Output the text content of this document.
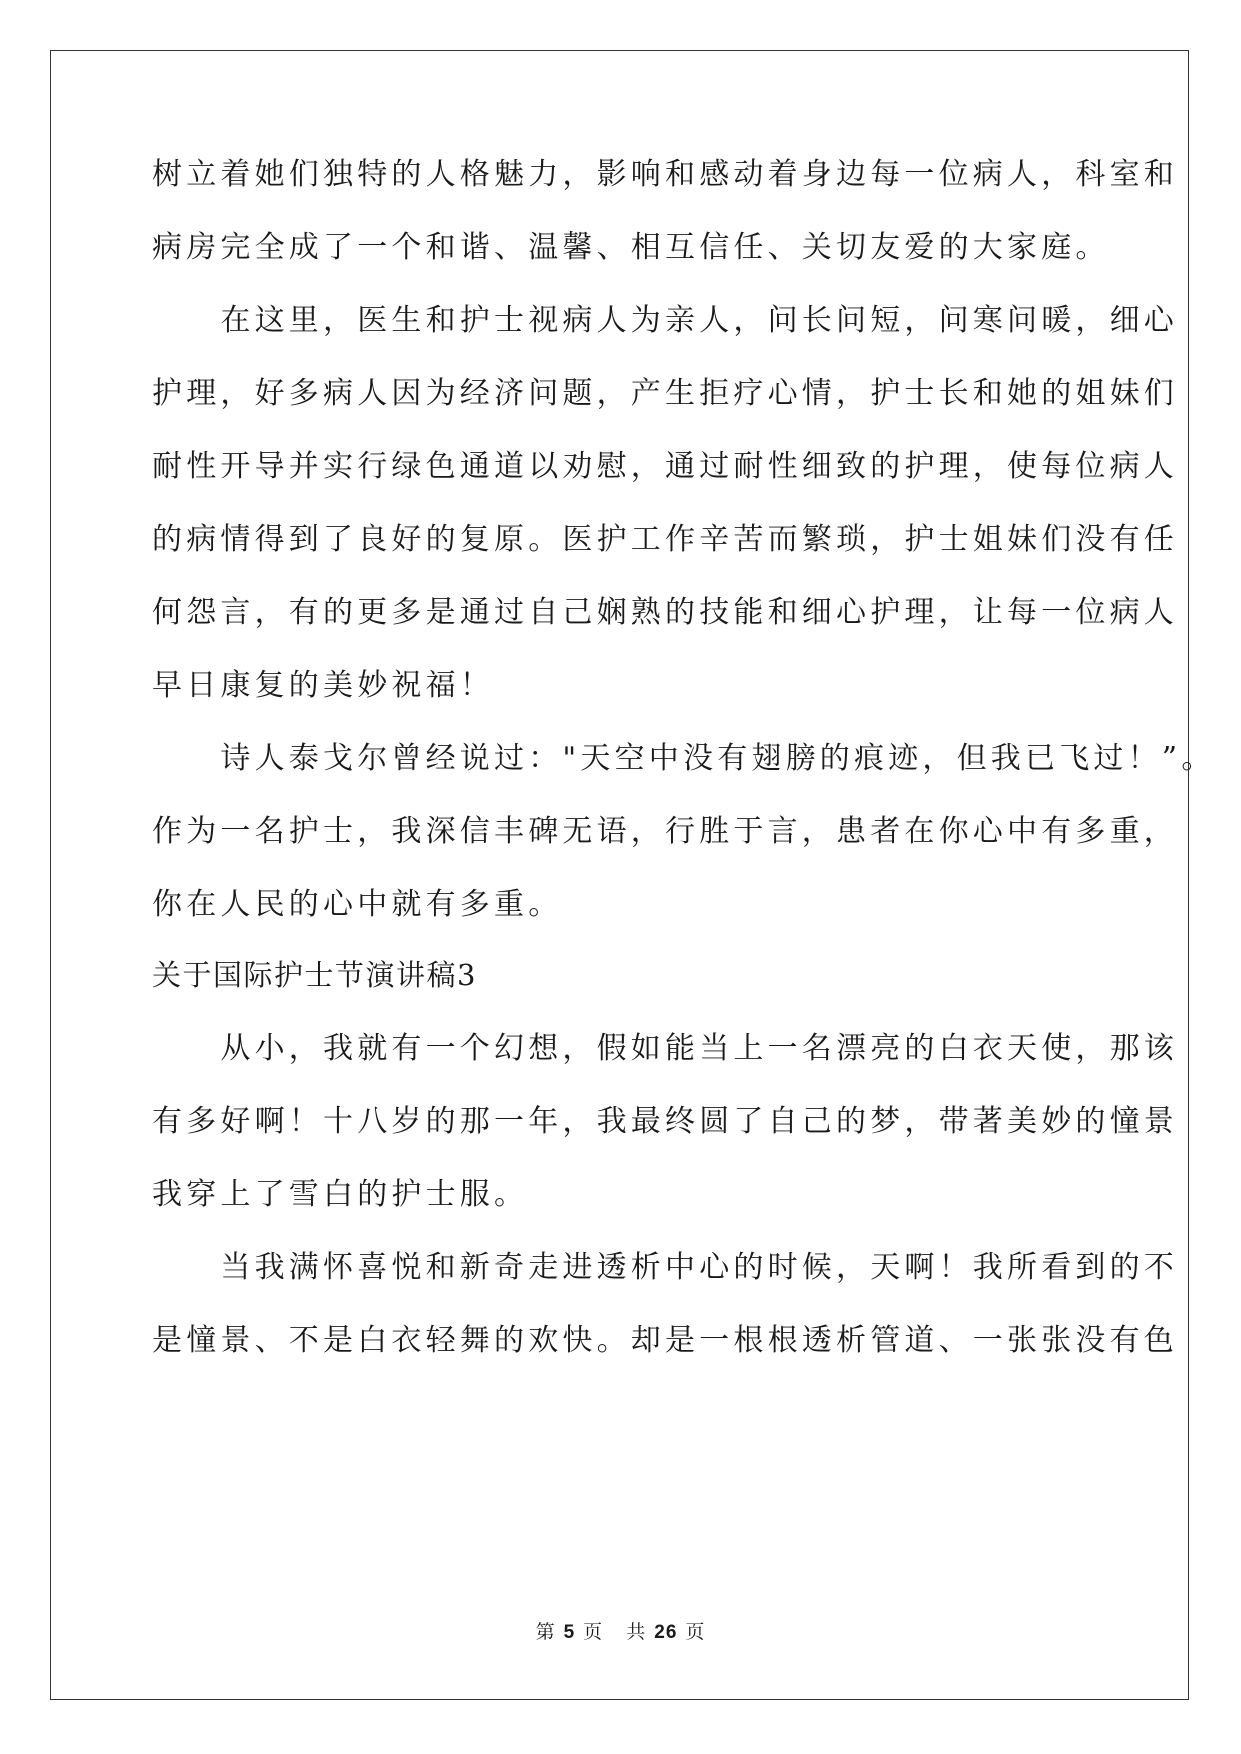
树立着她们独特的人格魅力，影响和感动着身边每一位病人，科室和
病房完全成了一个和谐、温馨、相互信任、关切友爱的大家庭。
　　在这里，医生和护士视病人为亲人，问长问短，问寒问暖，细心
护理，好多病人因为经济问题，产生拒疗心情，护士长和她的姐妹们
耐性开导并实行绿色通道以劝慰，通过耐性细致的护理，使每位病人
的病情得到了良好的复原。医护工作辛苦而繁琐，护士姐妹们没有任
何怨言，有的更多是通过自己娴熟的技能和细心护理，让每一位病人
早日康复的美妙祝福！
　　诗人泰戈尔曾经说过："天空中没有翅膀的痕迹，但我已飞过！”。
作为一名护士，我深信丰碑无语，行胜于言，患者在你心中有多重，
你在人民的心中就有多重。
关于国际护士节演讲稿3
　　从小，我就有一个幻想，假如能当上一名漂亮的白衣天使，那该
有多好啊！十八岁的那一年，我最终圆了自己的梦，带著美妙的憧景
我穿上了雪白的护士服。
　　当我满怀喜悦和新奇走进透析中心的时候，天啊！我所看到的不
是憧景、不是白衣轻舞的欢快。却是一根根透析管道、一张张没有色
第 5 页 共 26 页
